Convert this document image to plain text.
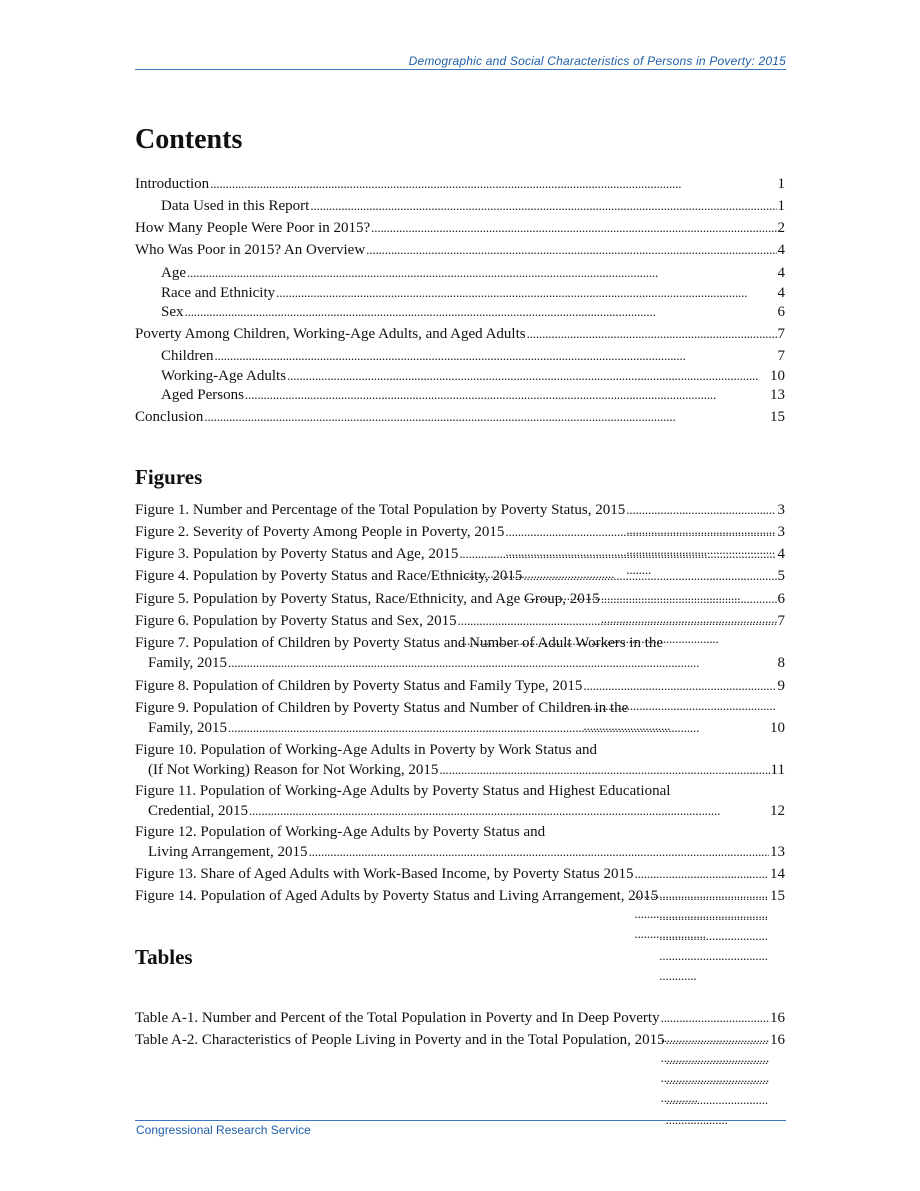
Demographic and Social Characteristics of Persons in Poverty: 2015
Contents
Introduction . . .	1
Data Used in this Report . . .	1
How Many People Were Poor in 2015? . . .	2
Who Was Poor in 2015? An Overview . . .	4
Age . . .	4
Race and Ethnicity . . .	4
Sex . . .	6
Poverty Among Children, Working-Age Adults, and Aged Adults . . .	7
Children . . .	7
Working-Age Adults . . .	10
Aged Persons . . .	13
Conclusion . . .	15
Figures
Figure 1. Number and Percentage of the Total Population by Poverty Status, 2015 . . .	3
Figure 2. Severity of Poverty Among People in Poverty, 2015 . . .	3
Figure 3. Population by Poverty Status and Age, 2015 . . .	4
Figure 4. Population by Poverty Status and Race/Ethnicity, 2015 . . .	5
Figure 5. Population by Poverty Status, Race/Ethnicity, and Age Group, 2015 . . .	6
Figure 6. Population by Poverty Status and Sex, 2015 . . .	7
Figure 7. Population of Children by Poverty Status and Number of Adult Workers in the
Family, 2015 . . .	8
Figure 8. Population of Children by Poverty Status and Family Type, 2015 . . .	9
Figure 9. Population of Children by Poverty Status and Number of Children in the
Family, 2015 . . .	10
Figure 10. Population of Working-Age Adults in Poverty by Work Status and
(If Not Working) Reason for Not Working, 2015 . . .	11
Figure 11. Population of Working-Age Adults by Poverty Status and Highest Educational
Credential, 2015 . . .	12
Figure 12. Population of Working-Age Adults by Poverty Status and
Living Arrangement, 2015 . . .	13
Figure 13. Share of Aged Adults with Work-Based Income, by Poverty Status 2015 . . .	14
Figure 14. Population of Aged Adults by Poverty Status and Living Arrangement, 2015 . . .	15
Tables
Table A-1. Number and Percent of the Total Population in Poverty and In Deep Poverty . . .	16
Table A-2. Characteristics of People Living in Poverty and in the Total Population, 2015 . . .	16
Congressional Research Service
